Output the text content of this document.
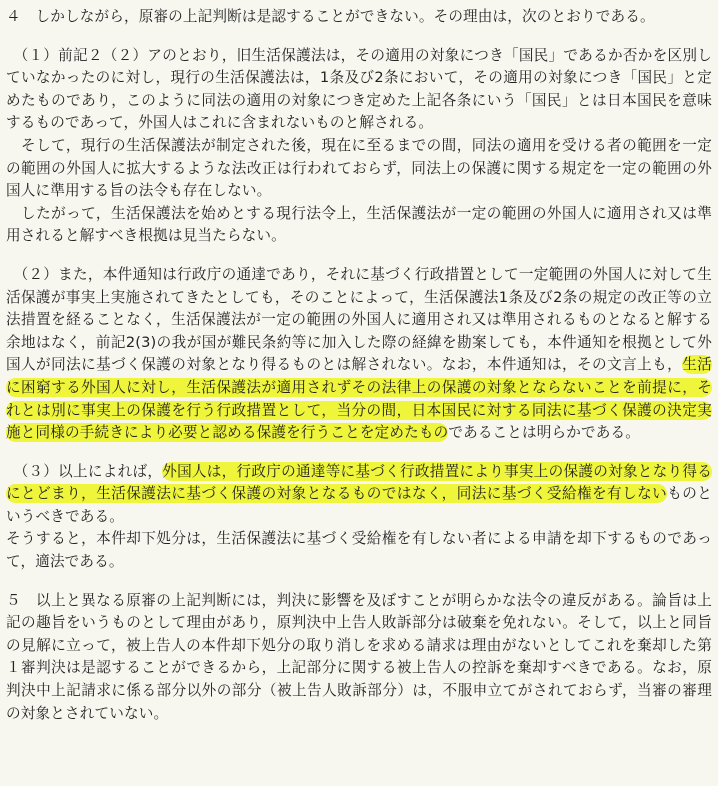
４　しかしながら，原審の上記判断は是認することができない。その理由は，次のとおりである。

　（１）前記２（２）アのとおり，旧生活保護法は，その適用の対象につき「国民」であるか否かを区別していなかったのに対し，現行の生活保護法は，1条及び2条において，その適用の対象につき「国民」と定めたものであり，このように同法の適用の対象につき定めた上記各条にいう「国民」とは日本国民を意味するものであって，外国人はこれに含まれないものと解される。

　そして，現行の生活保護法が制定された後，現在に至るまでの間，同法の適用を受ける者の範囲を一定の範囲の外国人に拡大するような法改正は行われておらず，同法上の保護に関する規定を一定の範囲の外国人に準用する旨の法令も存在しない。

　したがって，生活保護法を始めとする現行法令上，生活保護法が一定の範囲の外国人に適用され又は準用されると解すべき根拠は見当たらない。

　（２）また，本件通知は行政庁の通達であり，それに基づく行政措置として一定範囲の外国人に対して生活保護が事実上実施されてきたとしても，そのことによって，生活保護法1条及び2条の規定の改正等の立法措置を経ることなく，生活保護法が一定の範囲の外国人に適用され又は準用されるものとなると解する余地はなく，前記2(3)の我が国が難民条約等に加入した際の経緯を勘案しても，本件通知を根拠として外国人が同法に基づく保護の対象となり得るものとは解されない。なお，本件通知は，その文言上も，生活に困窮する外国人に対し，生活保護法が適用されずその法律上の保護の対象とならないことを前提に，それとは別に事実上の保護を行う行政措置として，当分の間，日本国民に対する同法に基づく保護の決定実施と同様の手続きにより必要と認める保護を行うことを定めたものであることは明らかである。

　（３）以上によれば，外国人は，行政庁の通達等に基づく行政措置により事実上の保護の対象となり得るにとどまり，生活保護法に基づく保護の対象となるものではなく，同法に基づく受給権を有しないものというべきである。

そうすると，本件却下処分は，生活保護法に基づく受給権を有しない者による申請を却下するものであって，適法である。

５　以上と異なる原審の上記判断には，判決に影響を及ぼすことが明らかな法令の違反がある。論旨は上記の趣旨をいうものとして理由があり，原判決中上告人敗訴部分は破棄を免れない。そして，以上と同旨の見解に立って，被上告人の本件却下処分の取り消しを求める請求は理由がないとしてこれを棄却した第１審判決は是認することができるから，上記部分に関する被上告人の控訴を棄却すべきである。なお，原判決中上記請求に係る部分以外の部分（被上告人敗訴部分）は，不服申立てがされておらず，当審の審理の対象とされていない。
